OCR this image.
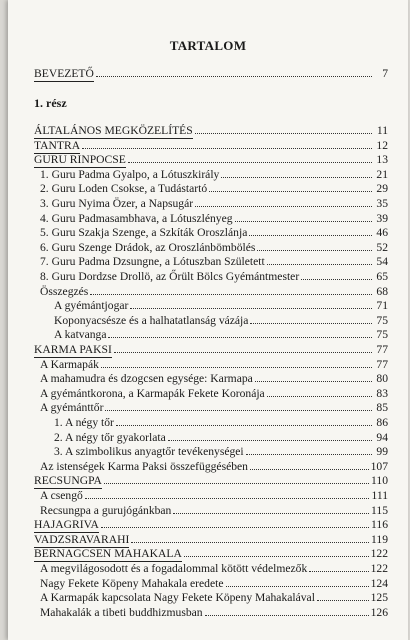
TARTALOM
BEVEZETŐ	7
1. rész
ÁLTALÁNOS MEGKÖZELÍTÉS	11
TANTRA	12
GURU RINPOCSE	13
1. Guru Padma Gyalpo, a Lótuszkirály	21
2. Guru Loden Csokse, a Tudástartó	29
3. Guru Nyima Özer, a Napsugár	35
4. Guru Padmasambhava, a Lótuszlényeg	39
5. Guru Szakja Szenge, a Szkíták Oroszlánja	46
6. Guru Szenge Drádok, az Oroszlánbömbölés	52
7. Guru Padma Dzsungne, a Lótuszban Született	54
8. Guru Dordzse Drollö, az Őrült Bölcs Gyémántmester	65
Összegzés	68
A gyémántjogar	71
Koponyacsésze és a halhatatlanság vázája	75
A katvanga	75
KARMA PAKSI	77
A Karmapák	77
A mahamudra és dzogcsen egysége: Karmapa	80
A gyémántkorona, a Karmapák Fekete Koronája	83
A gyémánttőr	85
1. A négy tőr	86
2. A négy tőr gyakorlata	94
3. A szimbolikus anyagtőr tevékenységei	99
Az istenségek Karma Paksi összefüggésében	107
RECSUNGPA	110
A csengő	111
Recsungpa a gurujógánkban	115
HAJAGRIVA	116
VADZSRAVARAHI	119
BERNAGCSEN MAHAKALA	122
A megvilágosodott és a fogadalommal kötött védelmezők	122
Nagy Fekete Köpeny Mahakala eredete	124
A Karmapák kapcsolata Nagy Fekete Köpeny Mahakalával	125
Mahakalák a tibeti buddhizmusban	126
